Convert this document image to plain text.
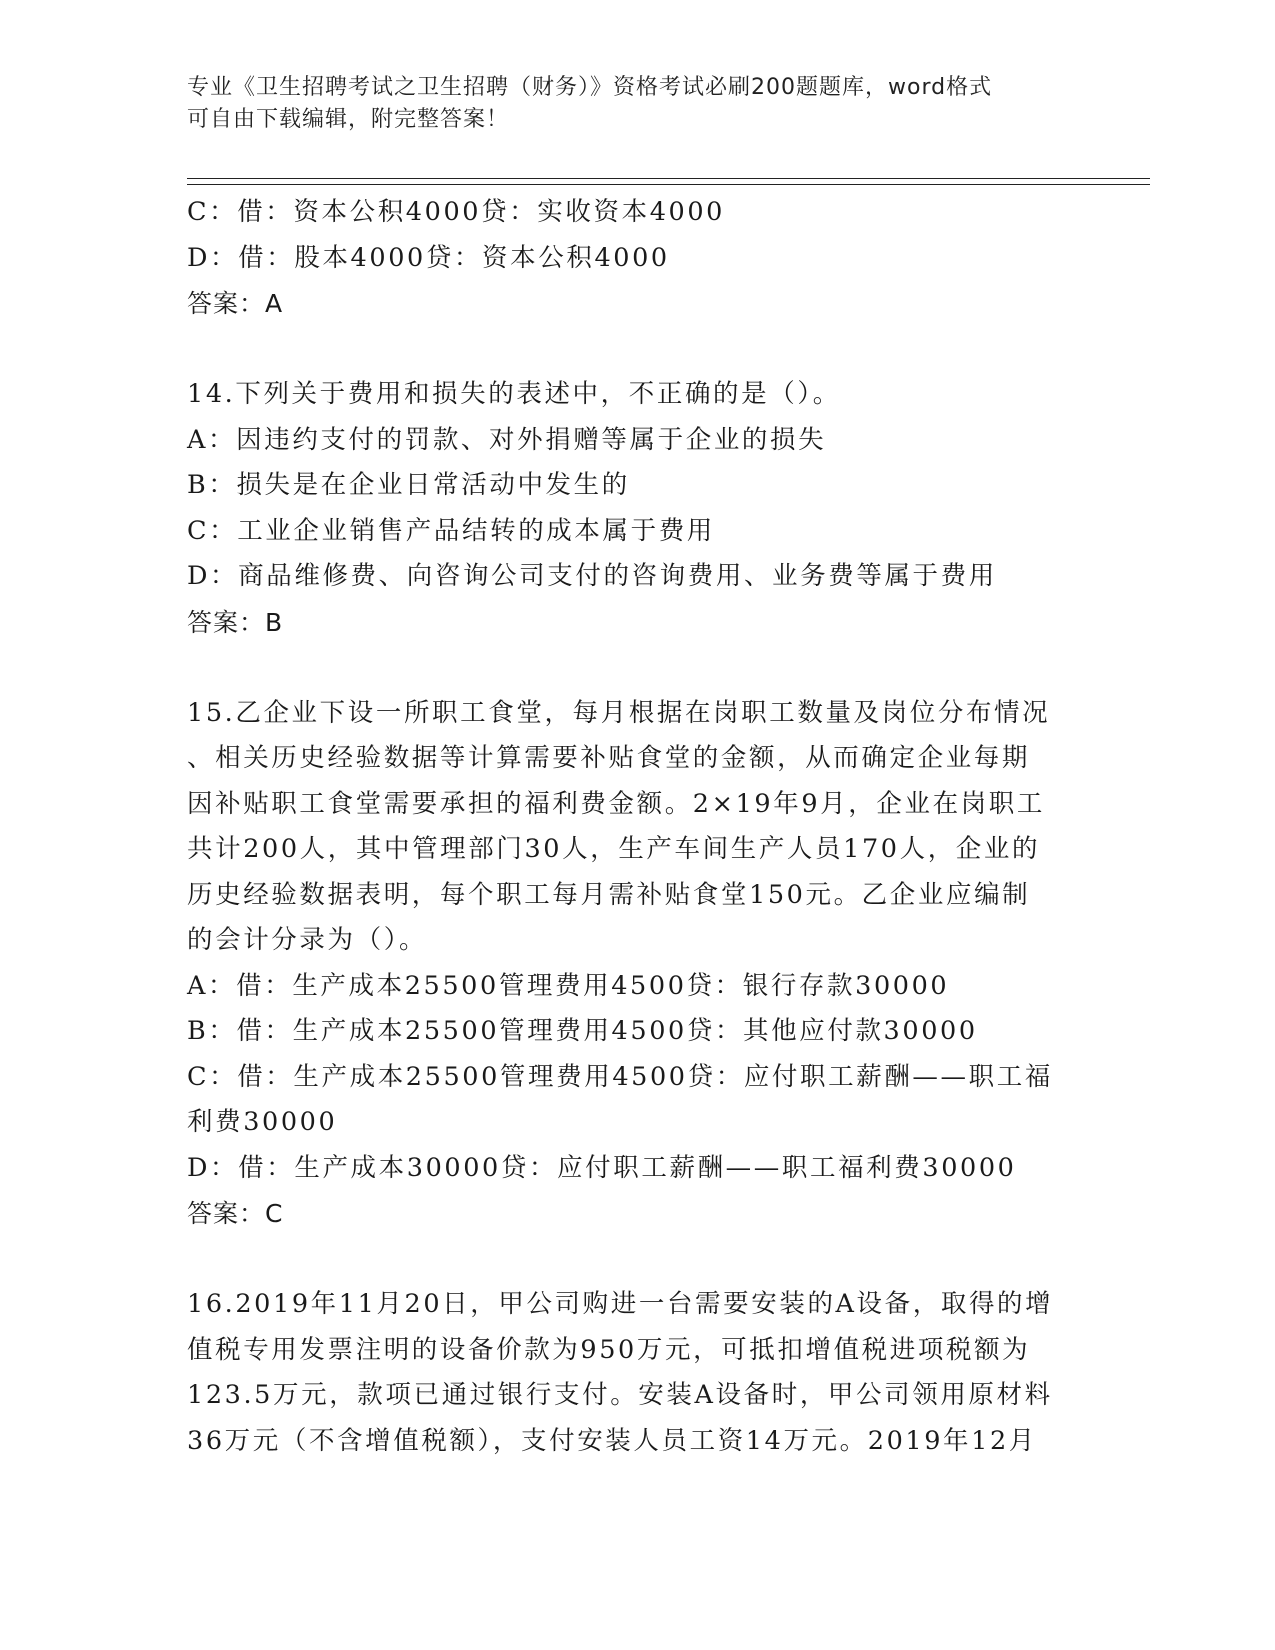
专业《卫生招聘考试之卫生招聘（财务）》资格考试必刷200题题库，word格式
可自由下载编辑，附完整答案！
C：借：资本公积4000贷：实收资本4000
D：借：股本4000贷：资本公积4000
答案：A
14.下列关于费用和损失的表述中，不正确的是（）。
A：因违约支付的罚款、对外捐赠等属于企业的损失
B：损失是在企业日常活动中发生的
C：工业企业销售产品结转的成本属于费用
D：商品维修费、向咨询公司支付的咨询费用、业务费等属于费用
答案：B
15.乙企业下设一所职工食堂，每月根据在岗职工数量及岗位分布情况
、相关历史经验数据等计算需要补贴食堂的金额，从而确定企业每期
因补贴职工食堂需要承担的福利费金额。2×19年9月，企业在岗职工
共计200人，其中管理部门30人，生产车间生产人员170人，企业的
历史经验数据表明，每个职工每月需补贴食堂150元。乙企业应编制
的会计分录为（）。
A：借：生产成本25500管理费用4500贷：银行存款30000
B：借：生产成本25500管理费用4500贷：其他应付款30000
C：借：生产成本25500管理费用4500贷：应付职工薪酬——职工福
利费30000
D：借：生产成本30000贷：应付职工薪酬——职工福利费30000
答案：C
16.2019年11月20日，甲公司购进一台需要安装的A设备，取得的增
值税专用发票注明的设备价款为950万元，可抵扣增值税进项税额为
123.5万元，款项已通过银行支付。安装A设备时，甲公司领用原材料
36万元（不含增值税额），支付安装人员工资14万元。2019年12月
